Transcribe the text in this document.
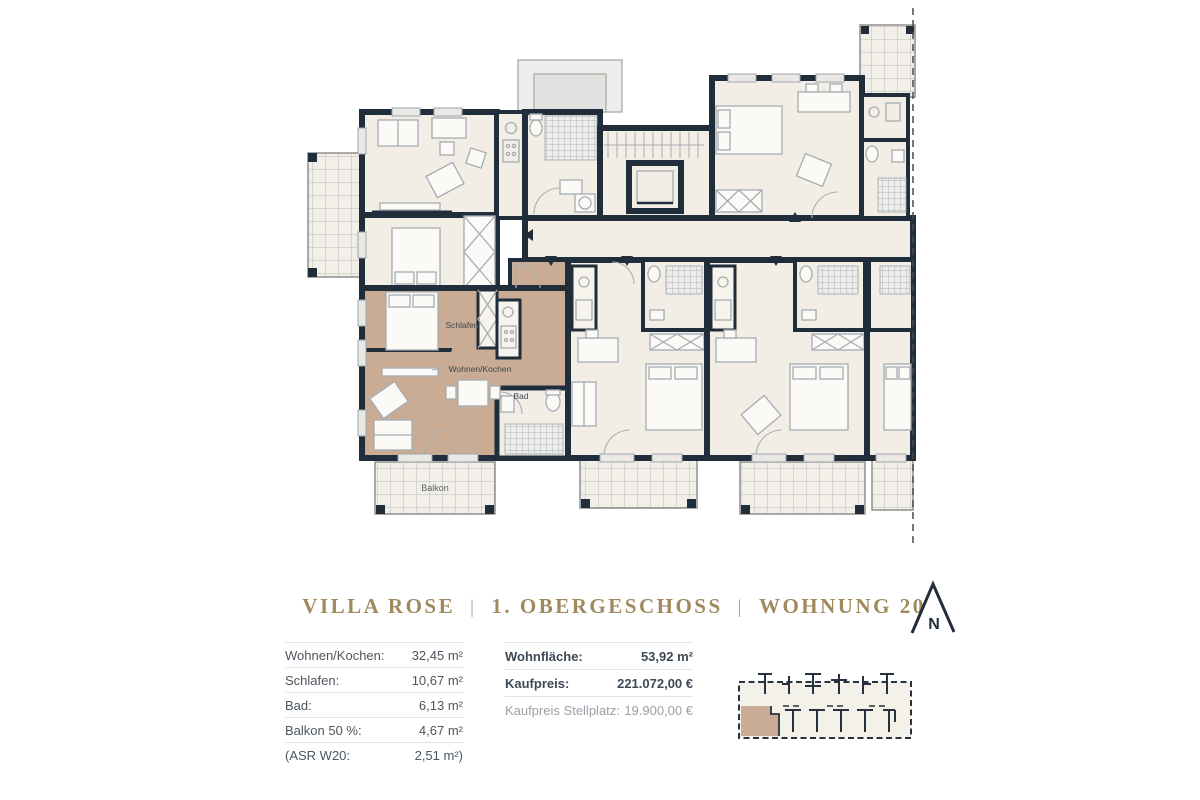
Schlafen
Wohnen/Kochen
Bad
Balkon
VILLA ROSE | 1. OBERGESCHOSS | WOHNUNG 20
Wohnen/Kochen: 32,45 m²
Schlafen:	10,67 m²
Bad:	6,13 m²
Balkon 50 %:	4,67 m²
(ASR W20:	2,51 m²)
Wohnfläche:	53,92 m²
Kaufpreis:	221.072,00 €
Kaufpreis Stellplatz: 19.900,00 €
N
